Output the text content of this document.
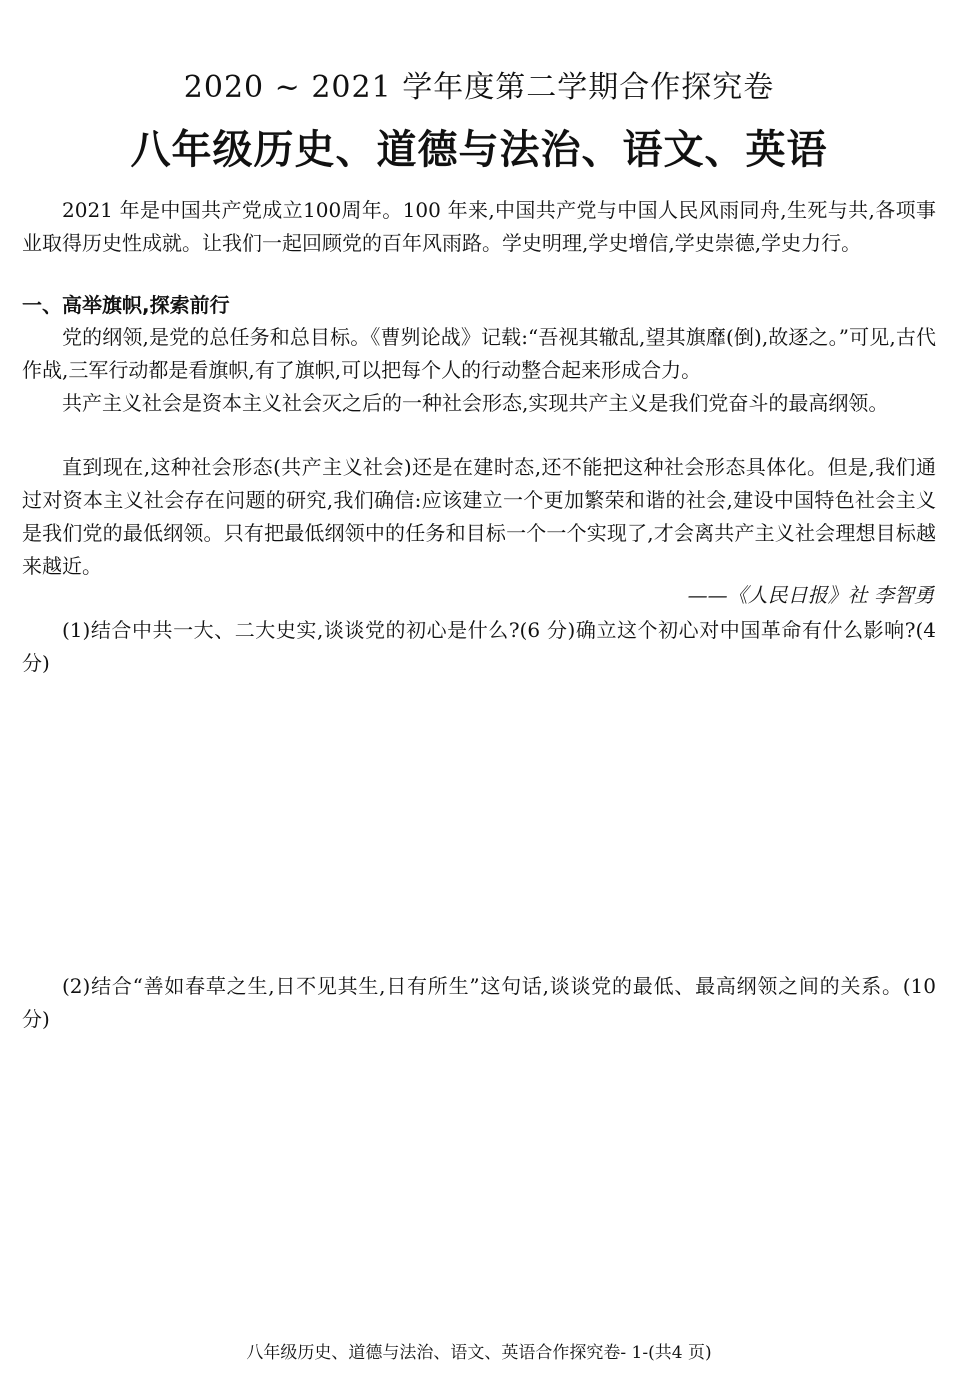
2020 ~ 2021 学年度第二学期合作探究卷
八年级历史、道德与法治、语文、英语

2021 年是中国共产党成立100周年。100 年来,中国共产党与中国人民风雨同舟,生死与共,各项事业取得历史性成就。让我们一起回顾党的百年风雨路。学史明理,学史增信,学史崇德,学史力行。

一、高举旗帜,探索前行

党的纲领,是党的总任务和总目标。《曹刿论战》记载:“吾视其辙乱,望其旗靡(倒),故逐之。”可见,古代作战,三军行动都是看旗帜,有了旗帜,可以把每个人的行动整合起来形成合力。

共产主义社会是资本主义社会灭之后的一种社会形态,实现共产主义是我们党奋斗的最高纲领。

直到现在,这种社会形态(共产主义社会)还是在建时态,还不能把这种社会形态具体化。但是,我们通过对资本主义社会存在问题的研究,我们确信:应该建立一个更加繁荣和谐的社会,建设中国特色社会主义是我们党的最低纲领。只有把最低纲领中的任务和目标一个一个实现了,才会离共产主义社会理想目标越来越近。

——《人民日报》社 李智勇

(1)结合中共一大、二大史实,谈谈党的初心是什么?(6 分)确立这个初心对中国革命有什么影响?(4 分)

(2)结合“善如春草之生,日不见其生,日有所生”这句话,谈谈党的最低、最高纲领之间的关系。(10 分)

八年级历史、道德与法治、语文、英语合作探究卷- 1-(共4 页)
